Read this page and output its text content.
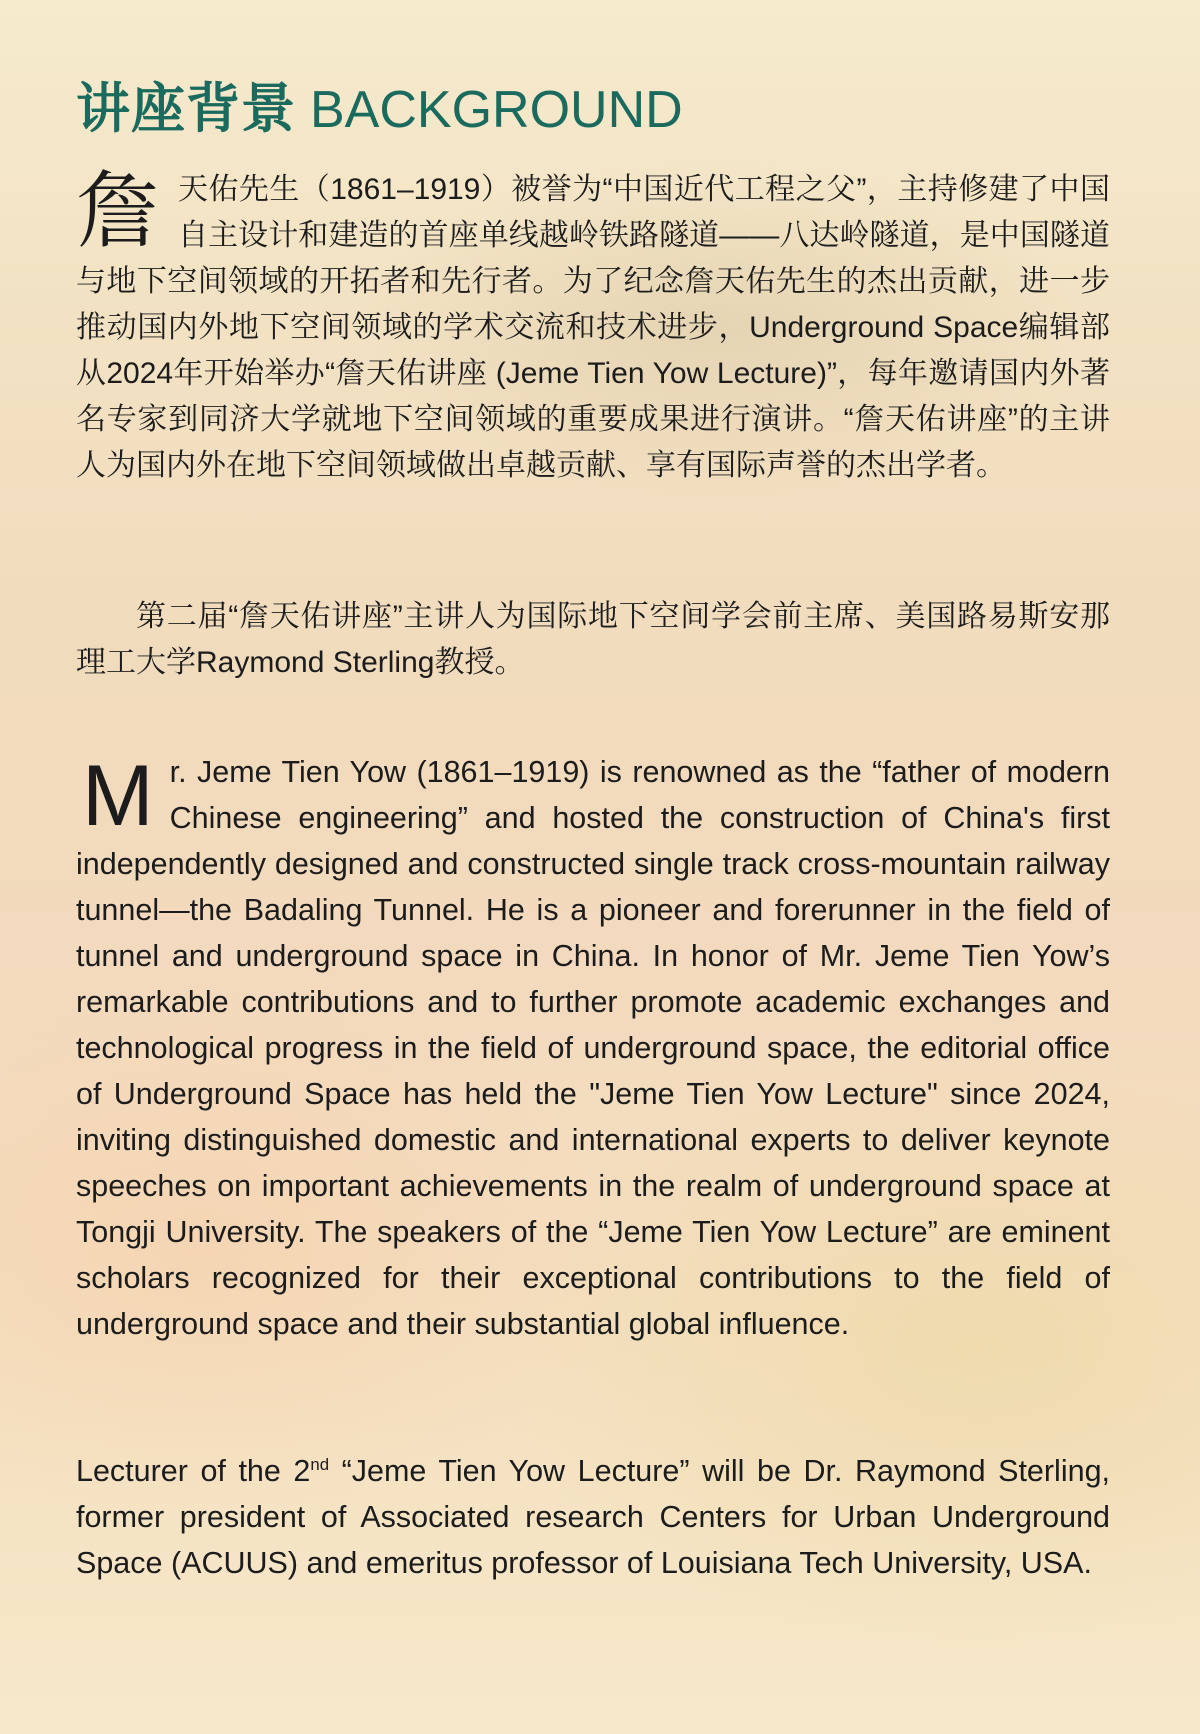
讲座背景 BACKGROUND
詹天佑先生（1861–1919）被誉为“中国近代工程之父”，主持修建了中国自主设计和建造的首座单线越岭铁路隧道——八达岭隧道，是中国隧道与地下空间领域的开拓者和先行者。为了纪念詹天佑先生的杰出贡献，进一步推动国内外地下空间领域的学术交流和技术进步，Underground Space编辑部从2024年开始举办“詹天佑讲座 (Jeme Tien Yow Lecture)”，每年邀请国内外著名专家到同济大学就地下空间领域的重要成果进行演讲。“詹天佑讲座”的主讲人为国内外在地下空间领域做出卓越贡献、享有国际声誉的杰出学者。
第二届“詹天佑讲座”主讲人为国际地下空间学会前主席、美国路易斯安那理工大学Raymond Sterling教授。
Mr. Jeme Tien Yow (1861–1919) is renowned as the “father of modern Chinese engineering” and hosted the construction of China's first independently designed and constructed single track cross-mountain railway tunnel—the Badaling Tunnel. He is a pioneer and forerunner in the field of tunnel and underground space in China. In honor of Mr. Jeme Tien Yow’s remarkable contributions and to further promote academic exchanges and technological progress in the field of underground space, the editorial office of Underground Space has held the "Jeme Tien Yow Lecture" since 2024, inviting distinguished domestic and international experts to deliver keynote speeches on important achievements in the realm of underground space at Tongji University. The speakers of the “Jeme Tien Yow Lecture” are eminent scholars recognized for their exceptional contributions to the field of underground space and their substantial global influence.
Lecturer of the 2nd “Jeme Tien Yow Lecture” will be Dr. Raymond Sterling, former president of Associated research Centers for Urban Underground Space (ACUUS) and emeritus professor of Louisiana Tech University, USA.
